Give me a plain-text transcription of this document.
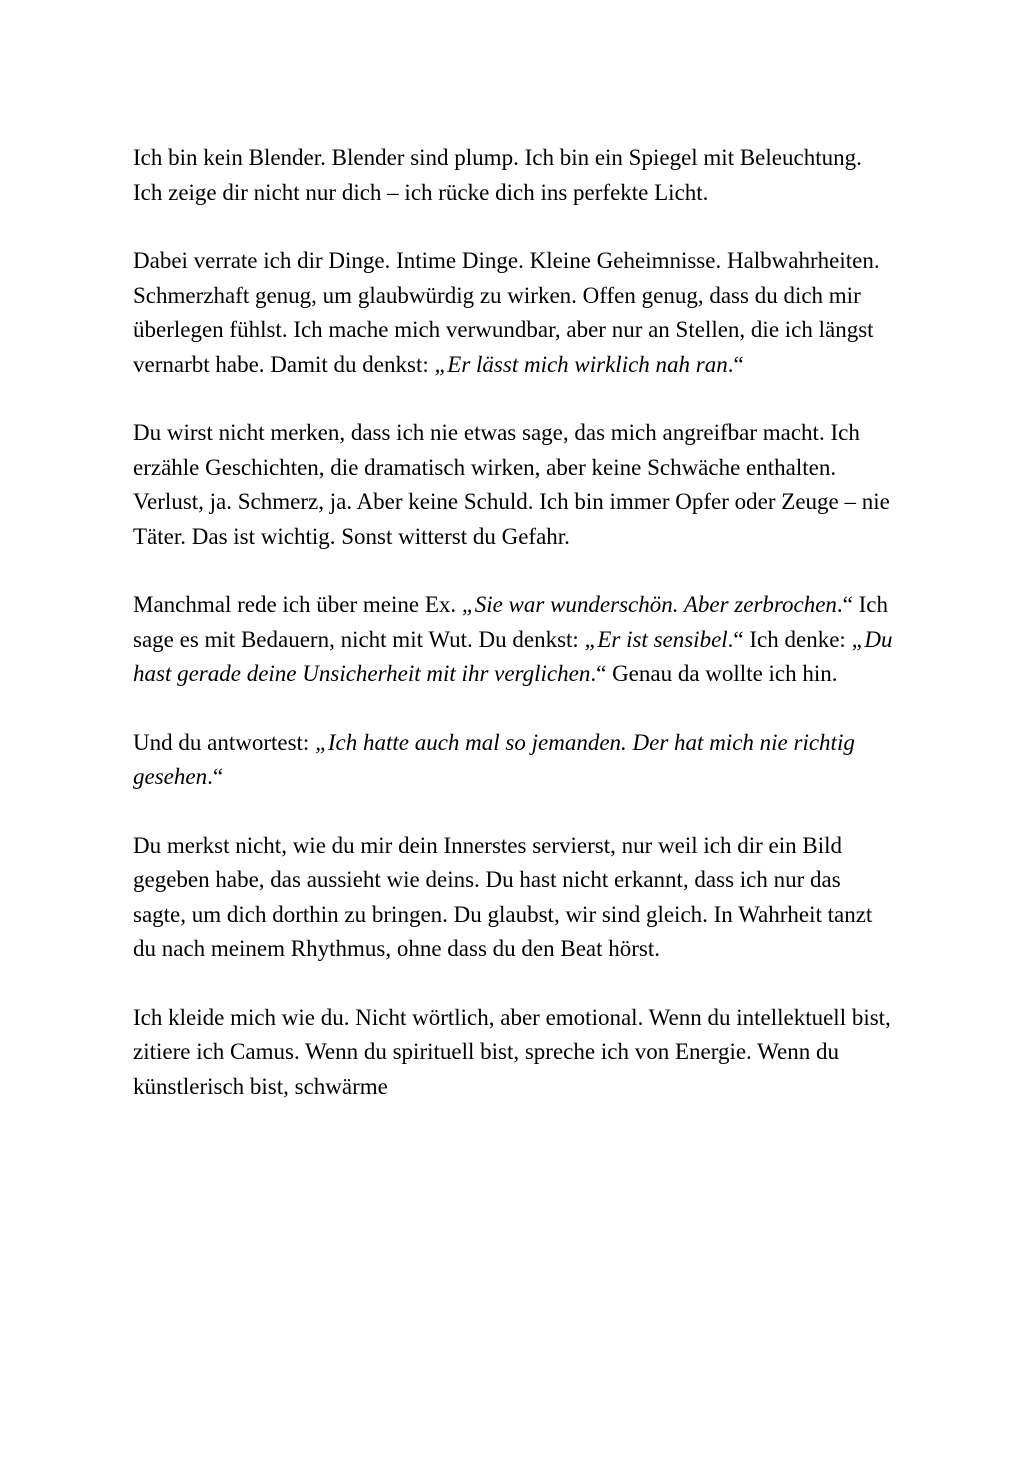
Ich bin kein Blender. Blender sind plump. Ich bin ein Spiegel mit Beleuchtung. Ich zeige dir nicht nur dich – ich rücke dich ins perfekte Licht.

Dabei verrate ich dir Dinge. Intime Dinge. Kleine Geheimnisse. Halbwahrheiten. Schmerzhaft genug, um glaubwürdig zu wirken. Offen genug, dass du dich mir überlegen fühlst. Ich mache mich verwundbar, aber nur an Stellen, die ich längst vernarbt habe. Damit du denkst: „Er lässt mich wirklich nah ran.“

Du wirst nicht merken, dass ich nie etwas sage, das mich angreifbar macht. Ich erzähle Geschichten, die dramatisch wirken, aber keine Schwäche enthalten. Verlust, ja. Schmerz, ja. Aber keine Schuld. Ich bin immer Opfer oder Zeuge – nie Täter. Das ist wichtig. Sonst witterst du Gefahr.

Manchmal rede ich über meine Ex. „Sie war wunderschön. Aber zerbrochen.“ Ich sage es mit Bedauern, nicht mit Wut. Du denkst: „Er ist sensibel.“ Ich denke: „Du hast gerade deine Unsicherheit mit ihr verglichen.“ Genau da wollte ich hin.

Und du antwortest: „Ich hatte auch mal so jemanden. Der hat mich nie richtig gesehen.“

Du merkst nicht, wie du mir dein Innerstes servierst, nur weil ich dir ein Bild gegeben habe, das aussieht wie deins. Du hast nicht erkannt, dass ich nur das sagte, um dich dorthin zu bringen. Du glaubst, wir sind gleich. In Wahrheit tanzt du nach meinem Rhythmus, ohne dass du den Beat hörst.

Ich kleide mich wie du. Nicht wörtlich, aber emotional. Wenn du intellektuell bist, zitiere ich Camus. Wenn du spirituell bist, spreche ich von Energie. Wenn du künstlerisch bist, schwärme
